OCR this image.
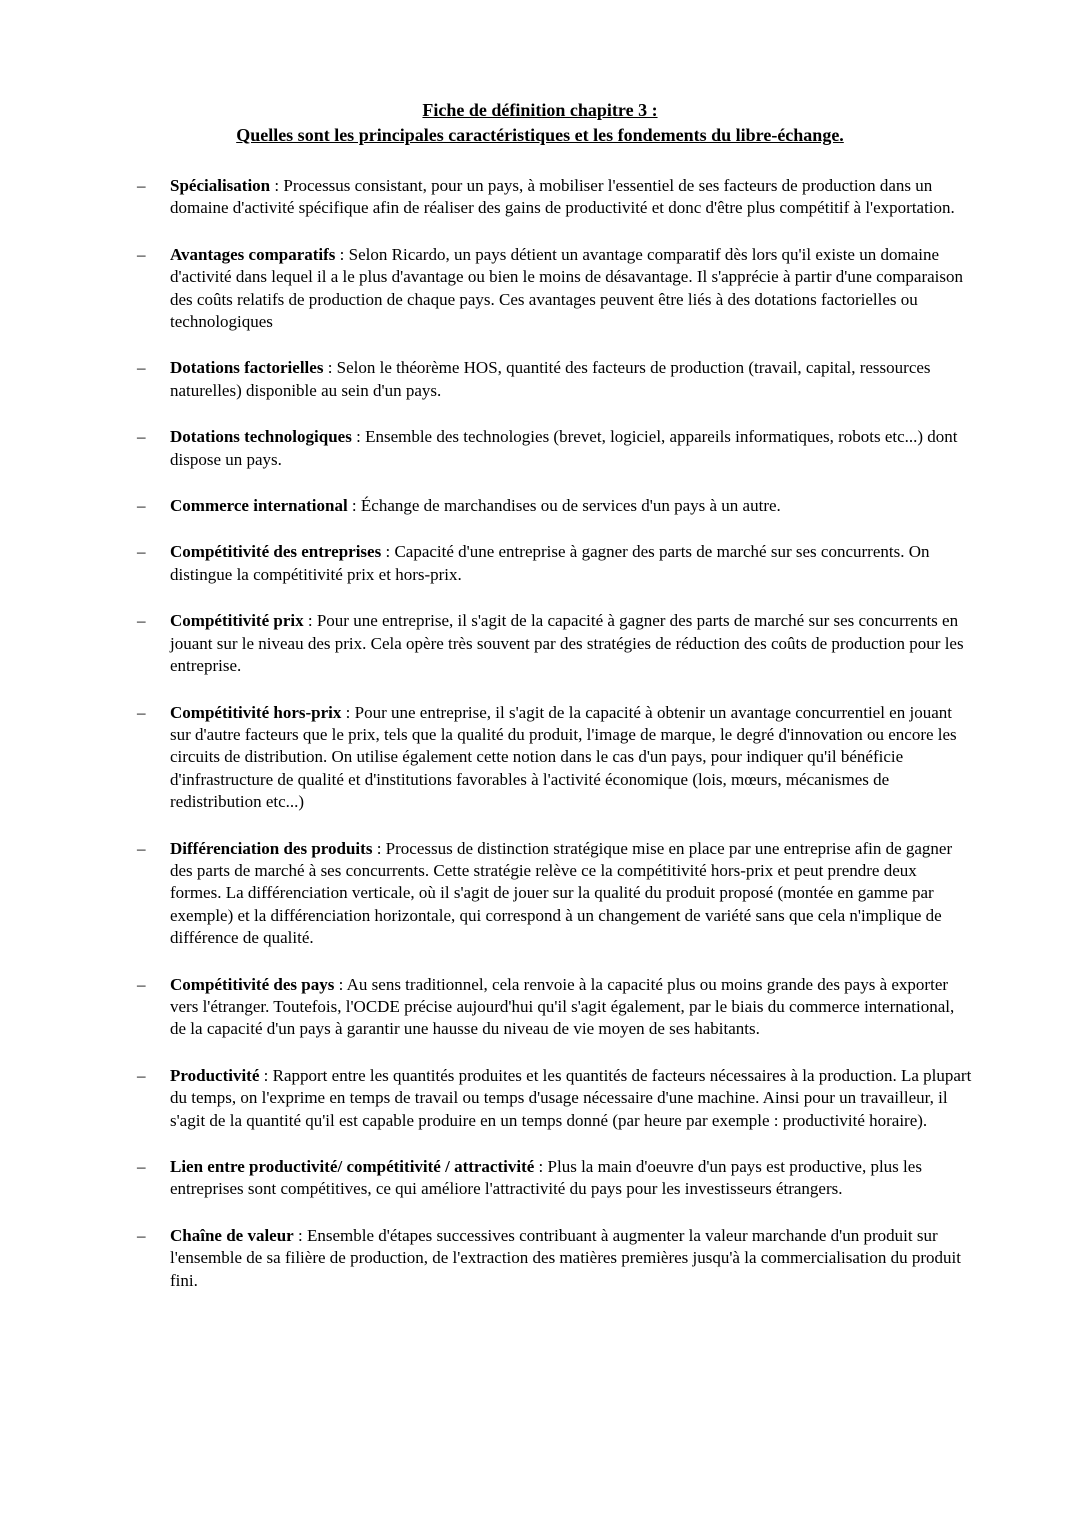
Fiche de définition chapitre 3 :
Quelles sont les principales caractéristiques et les fondements du libre-échange.
– Spécialisation : Processus consistant, pour un pays, à mobiliser l'essentiel de ses facteurs de production dans un domaine d'activité spécifique afin de réaliser des gains de productivité et donc d'être plus compétitif à l'exportation.
– Avantages comparatifs : Selon Ricardo, un pays détient un avantage comparatif dès lors qu'il existe un domaine d'activité dans lequel il a le plus d'avantage ou bien le moins de désavantage. Il s'apprécie à partir d'une comparaison des coûts relatifs de production de chaque pays. Ces avantages peuvent être liés à des dotations factorielles ou technologiques
– Dotations factorielles : Selon le théorème HOS, quantité des facteurs de production (travail, capital, ressources naturelles) disponible au sein d'un pays.
– Dotations technologiques : Ensemble des technologies (brevet, logiciel, appareils informatiques, robots etc...) dont dispose un pays.
– Commerce international : Échange de marchandises ou de services d'un pays à un autre.
– Compétitivité des entreprises : Capacité d'une entreprise à gagner des parts de marché sur ses concurrents. On distingue la compétitivité prix et hors-prix.
– Compétitivité prix : Pour une entreprise, il s'agit de la capacité à gagner des parts de marché sur ses concurrents en jouant sur le niveau des prix. Cela opère très souvent par des stratégies de réduction des coûts de production pour les entreprise.
– Compétitivité hors-prix : Pour une entreprise, il s'agit de la capacité à obtenir un avantage concurrentiel en jouant sur d'autre facteurs que le prix, tels que la qualité du produit, l'image de marque, le degré d'innovation ou encore les circuits de distribution. On utilise également cette notion dans le cas d'un pays, pour indiquer qu'il bénéficie d'infrastructure de qualité et d'institutions favorables à l'activité économique (lois, mœurs, mécanismes de redistribution etc...)
– Différenciation des produits : Processus de distinction stratégique mise en place par une entreprise afin de gagner des parts de marché à ses concurrents. Cette stratégie relève ce la compétitivité hors-prix et peut prendre deux formes. La différenciation verticale, où il s'agit de jouer sur la qualité du produit proposé (montée en gamme par exemple) et la différenciation horizontale, qui correspond à un changement de variété sans que cela n'implique de différence de qualité.
– Compétitivité des pays : Au sens traditionnel, cela renvoie à la capacité plus ou moins grande des pays à exporter vers l'étranger. Toutefois, l'OCDE précise aujourd'hui qu'il s'agit également, par le biais du commerce international, de la capacité d'un pays à garantir une hausse du niveau de vie moyen de ses habitants.
– Productivité : Rapport entre les quantités produites et les quantités de facteurs nécessaires à la production. La plupart du temps, on l'exprime en temps de travail ou temps d'usage nécessaire d'une machine. Ainsi pour un travailleur, il s'agit de la quantité qu'il est capable produire en un temps donné (par heure par exemple : productivité horaire).
– Lien entre productivité/ compétitivité / attractivité : Plus la main d'oeuvre d'un pays est productive, plus les entreprises sont compétitives, ce qui améliore l'attractivité du pays pour les investisseurs étrangers.
– Chaîne de valeur : Ensemble d'étapes successives contribuant à augmenter la valeur marchande d'un produit sur l'ensemble de sa filière de production, de l'extraction des matières premières jusqu'à la commercialisation du produit fini.
